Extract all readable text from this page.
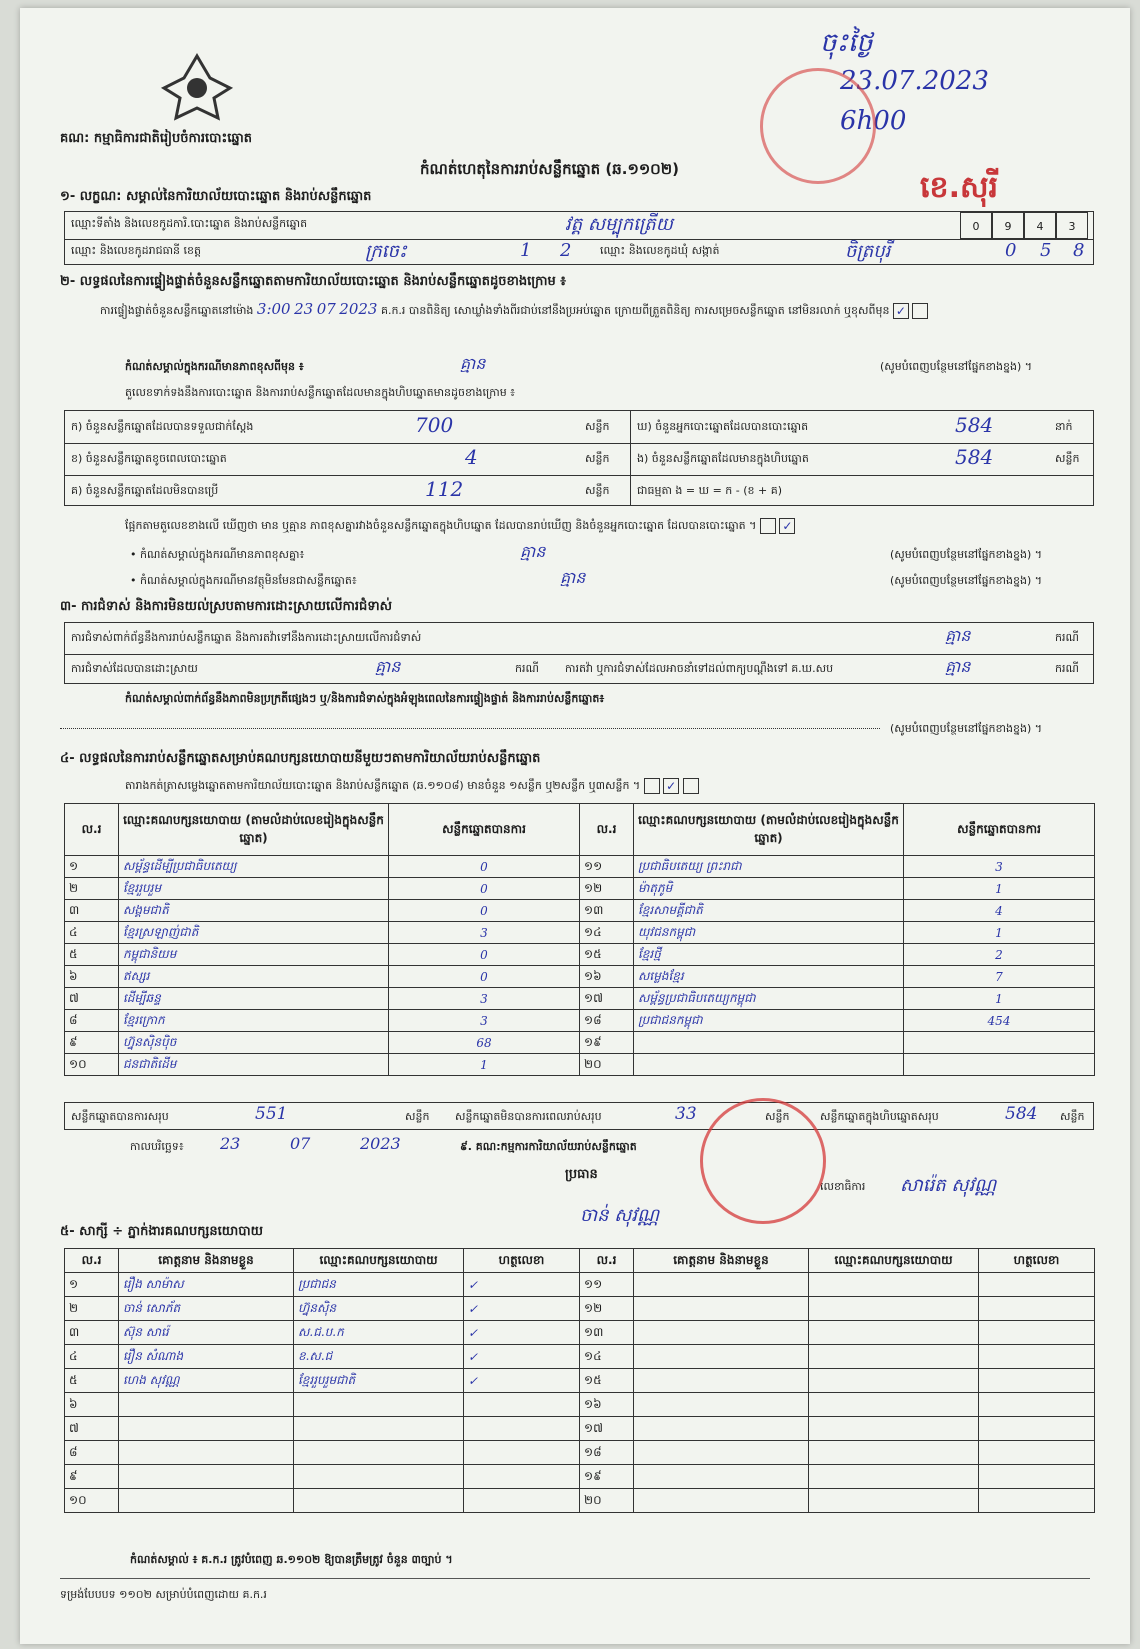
គណ: កម្មាធិការជាតិរៀបចំការបោះឆ្នោត
ចុះថ្ងៃ
23.07.2023
6h00
ខេ.សុរី
កំណត់ហេតុនៃការរាប់សន្លឹកឆ្នោត (ឆ.១១០២)
១- លក្ខណ: សម្គាល់នៃការិយាល័យបោះឆ្នោត និងរាប់សន្លឹកឆ្នោត
ឈ្មោះទីតាំង និងលេខកូដការិ.បោះឆ្នោត និងរាប់សន្លឹកឆ្នោត	វត្ត សម្បុកត្រើយ	0	9	4	3
ឈ្មោះ និងលេខកូដរាជធានី ខេត្ត	ក្រចេះ	1 2	ឈ្មោះ និងលេខកូដឃុំ សង្កាត់	ចិត្របុរី	0 5 8
២- លទ្ធផលនៃការផ្ទៀងផ្ទាត់ចំនួនសន្លឹកឆ្នោតតាមការិយាល័យបោះឆ្នោត និងរាប់សន្លឹកឆ្នោតដូចខាងក្រោម ៖
ការផ្ទៀងផ្ទាត់ចំនួនសន្លឹកឆ្នោតនៅម៉ោង 3:00 23 07 2023 គ.ក.រ បានពិនិត្យ សោឃ្លាំងទាំងពីរជាប់នៅនឹងប្រអប់ឆ្នោត ក្រោយពីត្រួតពិនិត្យ ការសម្រេចសន្លឹកឆ្នោត នៅមិនរលាក់ ឬខុសពីមុន ✓
កំណត់សម្គាល់ក្នុងករណីមានភាពខុសពីមុន ៖	គ្មាន	(សូមបំពេញបន្ថែមនៅផ្នែកខាងខ្នង) ។
តួលេខទាក់ទងនឹងការបោះឆ្នោត និងការរាប់សន្លឹកឆ្នោតដែលមានក្នុងហិបឆ្នោតមានដូចខាងក្រោម ៖
ក) ចំនួនសន្លឹកឆ្នោតដែលបានទទួលជាក់ស្តែង	700	សន្លឹក
ខ) ចំនួនសន្លឹកឆ្នោតខូចពេលបោះឆ្នោត	4	សន្លឹក
គ) ចំនួនសន្លឹកឆ្នោតដែលមិនបានប្រើ	112	សន្លឹក
ឃ) ចំនួនអ្នកបោះឆ្នោតដែលបានបោះឆ្នោត	584	នាក់
ង) ចំនួនសន្លឹកឆ្នោតដែលមានក្នុងហិបឆ្នោត	584	សន្លឹក
ជាធម្មតា ង = ឃ = ក - (ខ + គ)
ផ្អែកតាមតួលេខខាងលើ ឃើញថា មាន ឬគ្មាន ភាពខុសគ្នារវាងចំនួនសន្លឹកឆ្នោតក្នុងហិបឆ្នោត ដែលបានរាប់ឃើញ និងចំនួនអ្នកបោះឆ្នោត ដែលបានបោះឆ្នោត ។ ✓
• កំណត់សម្គាល់ក្នុងករណីមានភាពខុសគ្នា៖	គ្មាន	(សូមបំពេញបន្ថែមនៅផ្នែកខាងខ្នង) ។
• កំណត់សម្គាល់ក្នុងករណីមានវត្ថុមិនមែនជាសន្លឹកឆ្នោត៖	គ្មាន	(សូមបំពេញបន្ថែមនៅផ្នែកខាងខ្នង) ។
៣- ការជំទាស់ និងការមិនយល់ស្របតាមការដោះស្រាយលើការជំទាស់
ការជំទាស់ពាក់ព័ន្ធនឹងការរាប់សន្លឹកឆ្នោត និងការតវ៉ាទៅនឹងការដោះស្រាយលើការជំទាស់	គ្មាន	ករណី
ការជំទាស់ដែលបានដោះស្រាយ	គ្មាន	ករណី ការតវ៉ា ឬការជំទាស់ដែលអាចនាំទៅដល់ពាក្យបណ្តឹងទៅ គ.ឃ.សប	គ្មាន	ករណី
កំណត់សម្គាល់ពាក់ព័ន្ធនឹងភាពមិនប្រក្រតីផ្សេងៗ ឬ/និងការជំទាស់ក្នុងអំឡុងពេលនៃការផ្ទៀងផ្ទាត់ និងការរាប់សន្លឹកឆ្នោត៖
(សូមបំពេញបន្ថែមនៅផ្នែកខាងខ្នង) ។
៤- លទ្ធផលនៃការរាប់សន្លឹកឆ្នោតសម្រាប់គណបក្សនយោបាយនីមួយៗតាមការិយាល័យរាប់សន្លឹកឆ្នោត
តារាងកត់ត្រាសម្លេងឆ្នោតតាមការិយាល័យបោះឆ្នោត និងរាប់សន្លឹកឆ្នោត (ឆ.១១០៨) មានចំនួន ១សន្លឹក ឬ២សន្លឹក ឬ៣សន្លឹក ។ ✓
ល.រ	ឈ្មោះគណបក្សនយោបាយ (តាមលំដាប់លេខរៀងក្នុងសន្លឹកឆ្នោត)	សន្លឹកឆ្នោតបានការ	ល.រ	ឈ្មោះគណបក្សនយោបាយ (តាមលំដាប់លេខរៀងក្នុងសន្លឹកឆ្នោត)	សន្លឹកឆ្នោតបានការ
១	សម្ព័ន្ធដើម្បីប្រជាធិបតេយ្យ	0	១១	ប្រជាធិបតេយ្យ ព្រះរាជា	3
២	ខ្មែររួបរួម	0	១២	ម៉ាតុភូមិ	1
៣	សង្គមជាតិ	0	១៣	ខ្មែរសាមគ្គីជាតិ	4
៤	ខ្មែរស្រឡាញ់ជាតិ	3	១៤	យុវជនកម្ពុជា	1
៥	កម្ពុជានិយម	0	១៥	ខ្មែរថ្មី	2
៦	ឥស្សរ	0	១៦	សម្លេងខ្មែរ	7
៧	ដើម្បីឆន្ទ	3	១៧	សម្ព័ន្ធប្រជាធិបតេយ្យកម្ពុជា	1
៨	ខ្មែរក្រោក	3	១៨	ប្រជាជនកម្ពុជា	454
៩	ហ្វ៊ុនស៊ិនប៉ិច	68	១៩		
១០	ជនជាតិដើម	1	២០		
សន្លឹកឆ្នោតបានការសរុប	551	សន្លឹក សន្លឹកឆ្នោតមិនបានការពេលរាប់សរុប	33	សន្លឹក	សន្លឹកឆ្នោតក្នុងហិបឆ្នោតសរុប	584 សន្លឹក
កាលបរិច្ឆេទ៖ 23	07	2023	៩. គណ:កម្មការការិយាល័យរាប់សន្លឹកឆ្នោត
ប្រធាន
ចាន់ សុវណ្ណ
លេខាធិការ សារ៉េត សុវណ្ណ
៥- សាក្សី ÷ ភ្នាក់ងារគណបក្សនយោបាយ
ល.រ	គោត្តនាម និងនាមខ្លួន	ឈ្មោះគណបក្សនយោបាយ	ហត្ថលេខា	ល.រ	គោត្តនាម និងនាមខ្លួន	ឈ្មោះគណបក្សនយោបាយ	ហត្ថលេខា
១	រឿង សាម៉ាស	ប្រជាជន	✓	១១			
២	ចាន់ សោភ័ត	ហ្វ៊ុនស៊ិន	✓	១២			
៣	ស៊ុន សារ៉េ	ស.ជ.ប.ក	✓	១៣			
៤	រឿន សំណាង	ខ.ស.ជ	✓	១៤			
៥	ហេង សុវណ្ណ	ខ្មែររួបរួមជាតិ	✓	១៥			
៦				១៦			
៧				១៧			
៨				១៨			
៩				១៩			
១០				២០			
កំណត់សម្គាល់ ៖ គ.ក.រ ត្រូវបំពេញ ឆ.១១០២ ឱ្យបានត្រឹមត្រូវ ចំនួន ៣ច្បាប់ ។
ទម្រង់បែបបទ ១១០២ សម្រាប់បំពេញដោយ គ.ក.រ
